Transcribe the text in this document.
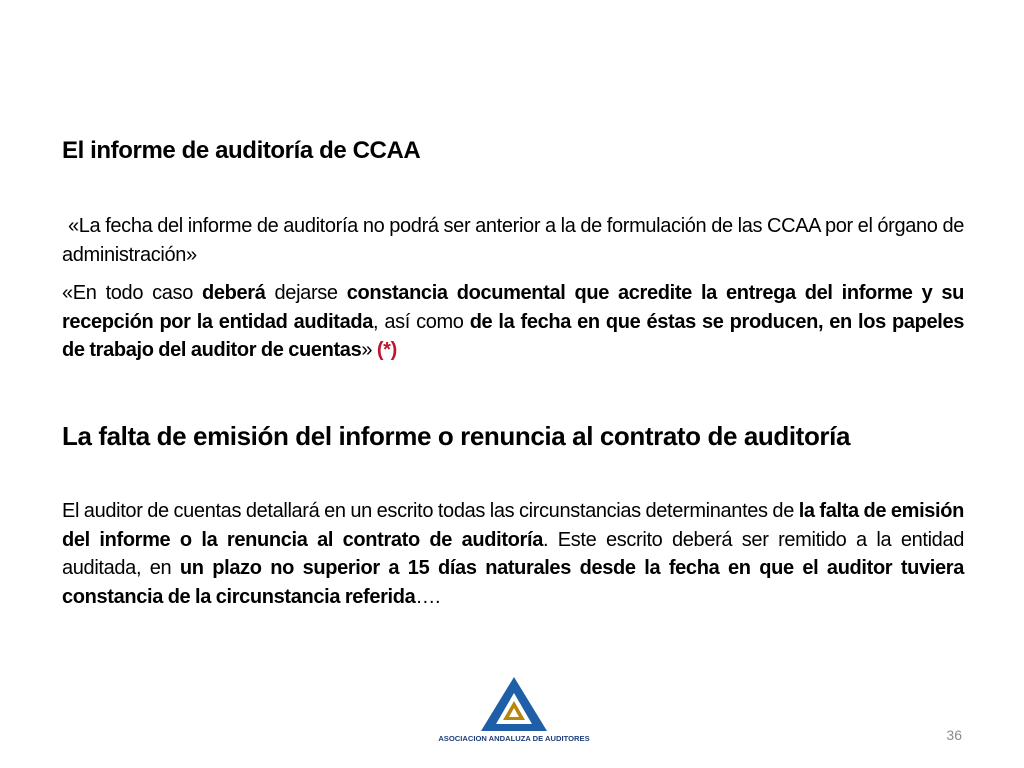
El informe de auditoría de CCAA

«La fecha del informe de auditoría no podrá ser anterior a la de formulación de las CCAA por el órgano de administración»

«En todo caso deberá dejarse constancia documental que acredite la entrega del informe y su recepción por la entidad auditada, así como de la fecha en que éstas se producen, en los papeles de trabajo del auditor de cuentas» (*)

La falta de emisión del informe o renuncia al contrato de auditoría

El auditor de cuentas detallará en un escrito todas las circunstancias determinantes de la falta de emisión del informe o la renuncia al contrato de auditoría. Este escrito deberá ser remitido a la entidad auditada, en un plazo no superior a 15 días naturales desde la fecha en que el auditor tuviera constancia de la circunstancia referida….

ASOCIACION ANDALUZA DE AUDITORES	36
